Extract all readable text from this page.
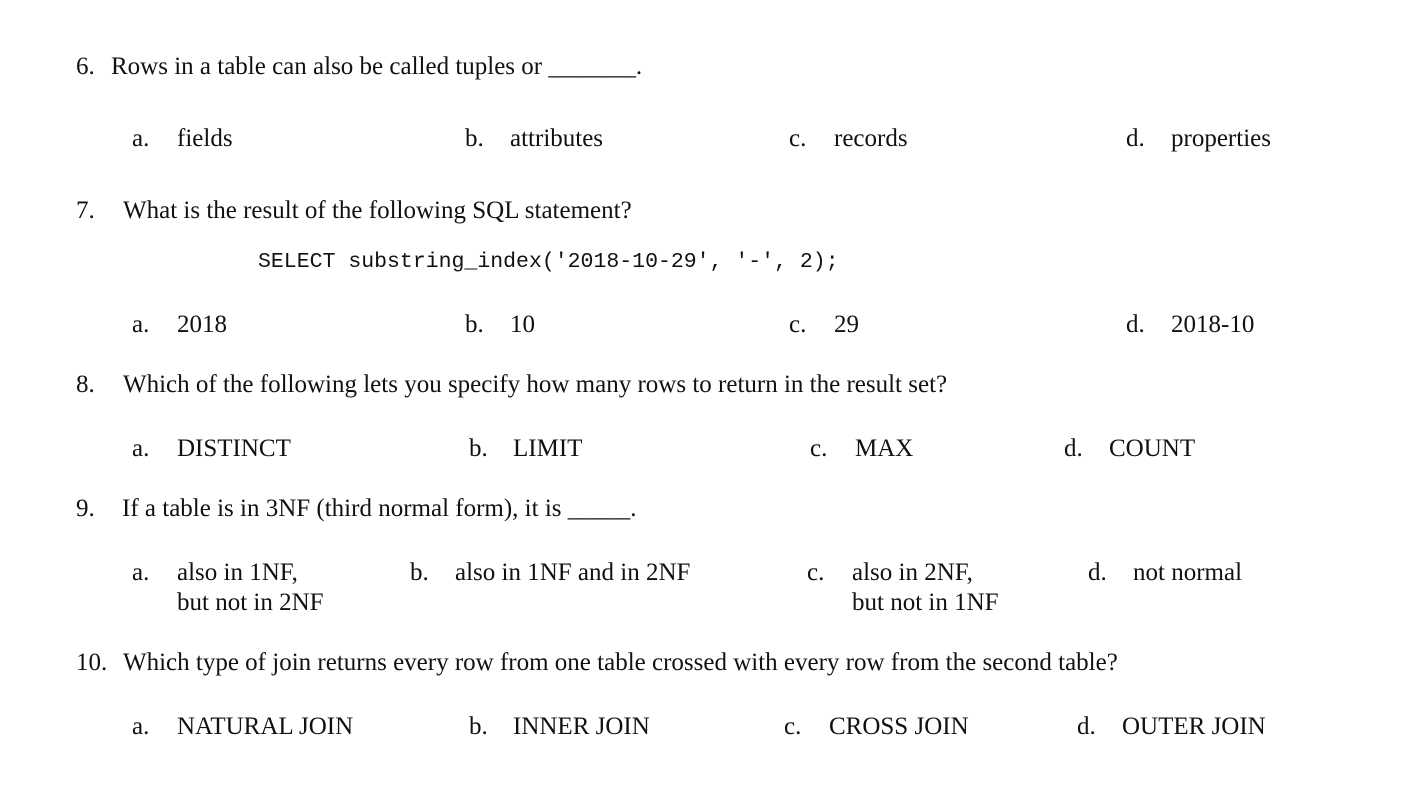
6. Rows in a table can also be called tuples or _______.
a. fields	b. attributes	c. records	d. properties
7. What is the result of the following SQL statement?
SELECT substring_index('2018-10-29', '-', 2);
a. 2018	b. 10	c. 29	d. 2018-10
8. Which of the following lets you specify how many rows to return in the result set?
a. DISTINCT	b. LIMIT	c. MAX	d. COUNT
9. If a table is in 3NF (third normal form), it is _____.
a. also in 1NF,
but not in 2NF
b. also in 1NF and in 2NF	c. also in 2NF,
but not in 1NF
d. not normal
10. Which type of join returns every row from one table crossed with every row from the second table?
a. NATURAL JOIN	b. INNER JOIN	c. CROSS JOIN	d. OUTER JOIN
